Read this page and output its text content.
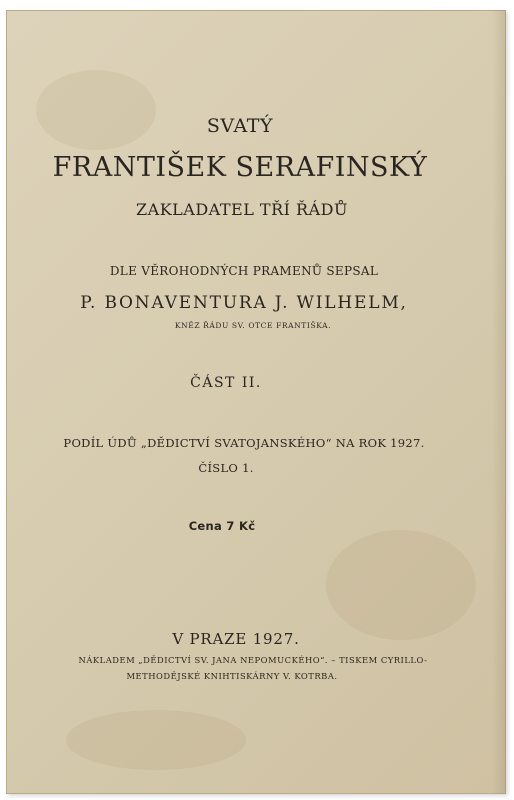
SVATÝ
FRANTIŠEK SERAFINSKÝ
ZAKLADATEL TŘÍ ŘÁDŮ
DLE VĚROHODNÝCH PRAMENŮ SEPSAL
P. BONAVENTURA J. WILHELM,
KNĚZ ŘÁDU SV. OTCE FRANTIŠKA.
ČÁST II.
PODÍL ÚDŮ „DĚDICTVÍ SVATOJANSKÉHO“ NA ROK 1927.
ČÍSLO 1.
Cena 7 Kč
V PRAZE 1927.
NÁKLADEM „DĚDICTVÍ SV. JANA NEPOMUCKÉHO“. – TISKEM CYRILLO-
METHODĚJSKÉ KNIHTISKÁRNY V. KOTRBA.
